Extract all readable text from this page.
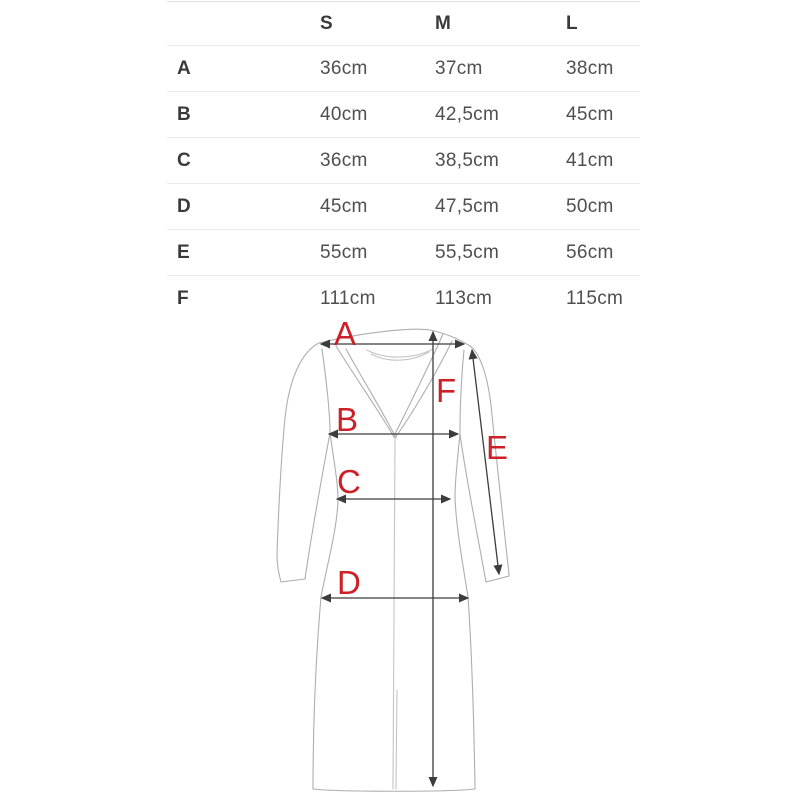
S	M	L
A	36cm	37cm	38cm
B	40cm	42,5cm	45cm
C	36cm	38,5cm	41cm
D	45cm	47,5cm	50cm
E	55cm	55,5cm	56cm
F	111cm	113cm	115cm
A
B
C
D
E
F
